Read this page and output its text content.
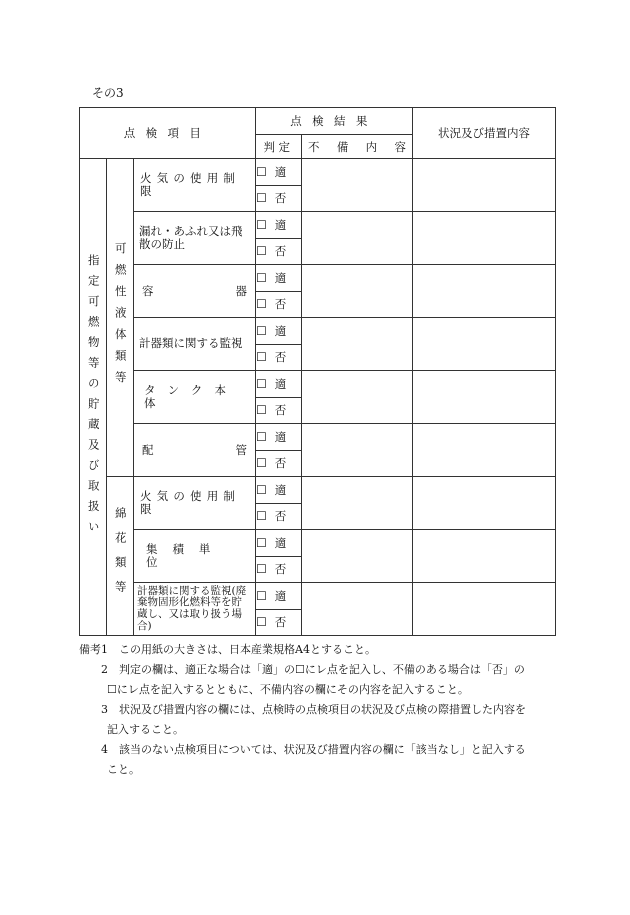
その3
点検項目			点検結果		状況及び措置内容
			判定	不 備 内 容	

指定可燃物等の貯蔵及び取扱い	可燃性液体類等	火気の使用制限	☐ 適		
			☐ 否		

		漏れ・あふれ又は飛散の防止	☐ 適		
			☐ 否		

		容 器	☐ 適		
			☐ 否		

		計器類に関する監視	☐ 適		
			☐ 否		

		タンク本体	☐ 適		
			☐ 否		

		配 管	☐ 適		
			☐ 否		

	綿花類等	火気の使用制限	☐ 適		
			☐ 否		

		集積単位	☐ 適		
			☐ 否		

		計器類に関する監視(廃棄物固形化燃料等を貯蔵し、又は取り扱う場合)	☐ 適		
			☐ 否		
備考1	この用紙の大きさは、日本産業規格A4とすること。
2	判定の欄は、適正な場合は「適」の☐にレ点を記入し、不備のある場合は「否」の
☐にレ点を記入するとともに、不備内容の欄にその内容を記入すること。
3	状況及び措置内容の欄には、点検時の点検項目の状況及び点検の際措置した内容を
記入すること。
4	該当のない点検項目については、状況及び措置内容の欄に「該当なし」と記入する
こと。
